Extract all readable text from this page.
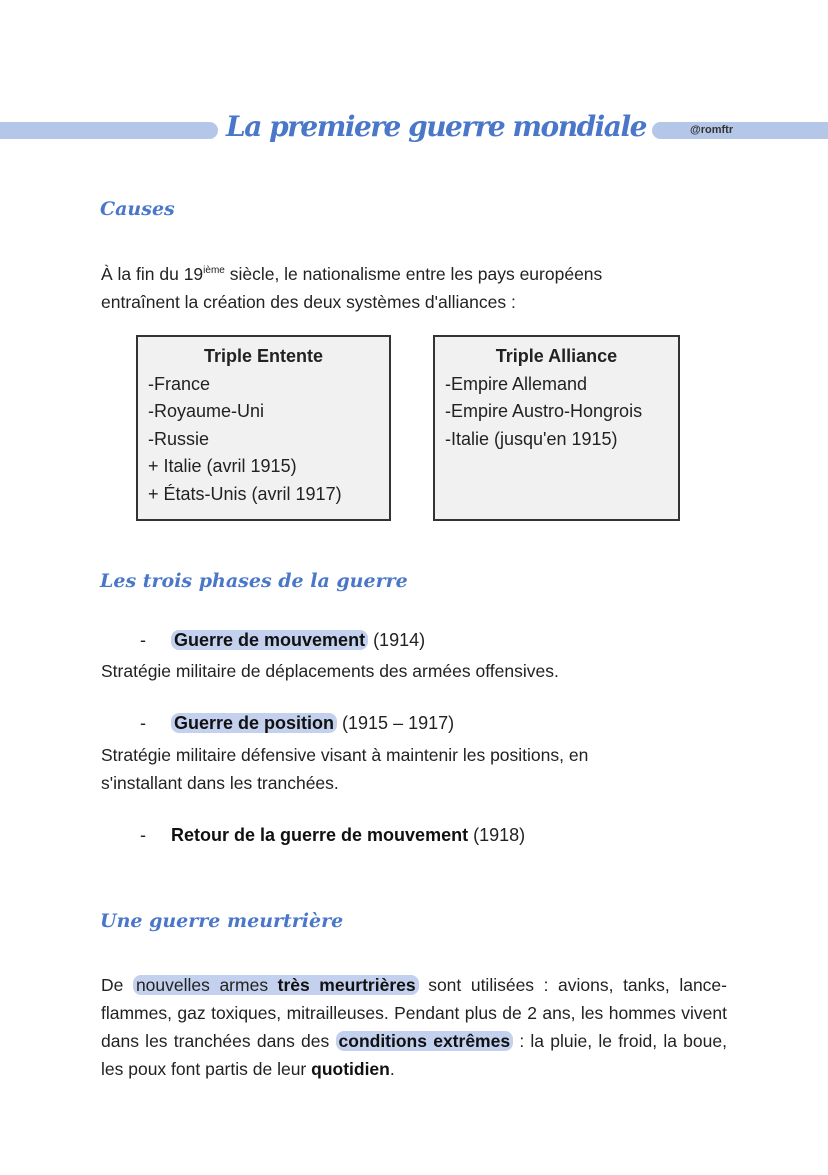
La premiere guerre mondiale	@romftr
Causes
À la fin du 19ième siècle, le nationalisme entre les pays européens
entraînent la création des deux systèmes d'alliances :
Triple Entente
-France
-Royaume-Uni
-Russie
+ Italie (avril 1915)
+ États-Unis (avril 1917)
Triple Alliance
-Empire Allemand
-Empire Austro-Hongrois
-Italie (jusqu'en 1915)
Les trois phases de la guerre
-     Guerre de mouvement (1914)
Stratégie militaire de déplacements des armées offensives.
-     Guerre de position (1915 – 1917)
Stratégie militaire défensive visant à maintenir les positions, en
s'installant dans les tranchées.
-     Retour de la guerre de mouvement (1918)
Une guerre meurtrière
De nouvelles armes très meurtrières sont utilisées : avions, tanks, lance-flammes, gaz toxiques, mitrailleuses. Pendant plus de 2 ans, les hommes vivent dans les tranchées dans des conditions extrêmes : la pluie, le froid, la boue, les poux font partis de leur quotidien.
